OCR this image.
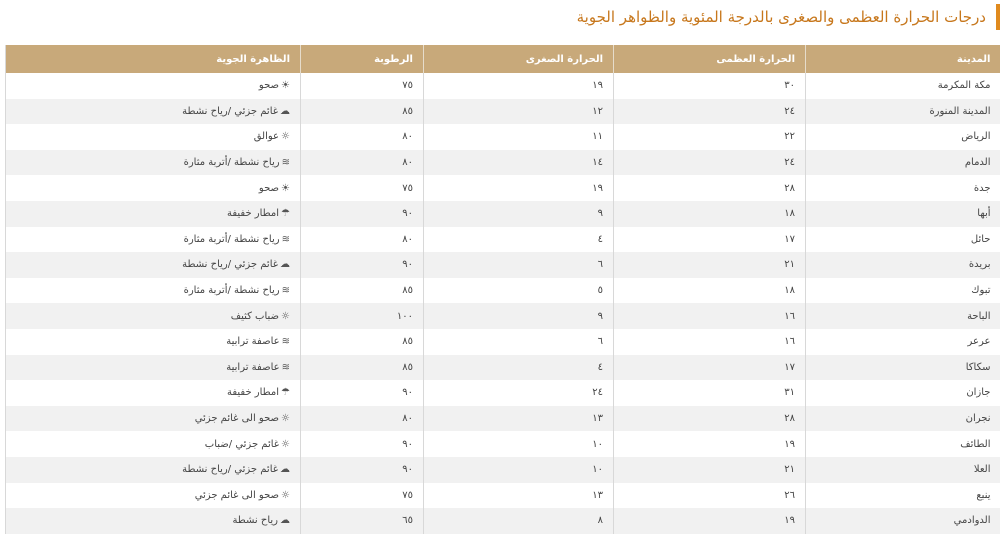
درجات الحرارة العظمى والصغرى بالدرجة المئوية والظواهر الجوية
المدينة	الحرارة العظمى	الحرارة الصغرى	الرطوبة	الظاهرة الجوية
مكة المكرمة	٣٠	١٩	٧٥	☀صحو
المدينة المنورة	٢٤	١٢	٨٥	☁غائم جزئي /رياح نشطة
الرياض	٢٢	١١	٨٠	☼عوالق
الدمام	٢٤	١٤	٨٠	≋رياح نشطة /أتربة مثارة
جدة	٢٨	١٩	٧٥	☀صحو
أبها	١٨	٩	٩٠	☂امطار خفيفة
حائل	١٧	٤	٨٠	≋رياح نشطة /أتربة مثارة
بريدة	٢١	٦	٩٠	☁غائم جزئي /رياح نشطة
تبوك	١٨	٥	٨٥	≋رياح نشطة /أتربة مثارة
الباحة	١٦	٩	١٠٠	☼ضباب كثيف
عرعر	١٦	٦	٨٥	≋عاصفة ترابية
سكاكا	١٧	٤	٨٥	≋عاصفة ترابية
جازان	٣١	٢٤	٩٠	☂امطار خفيفة
نجران	٢٨	١٣	٨٠	☼صحو الى غائم جزئي
الطائف	١٩	١٠	٩٠	☼غائم جزئي /ضباب
العلا	٢١	١٠	٩٠	☁غائم جزئي /رياح نشطة
ينبع	٢٦	١٣	٧٥	☼صحو الى غائم جزئي
الدوادمي	١٩	٨	٦٥	☁رياح نشطة
